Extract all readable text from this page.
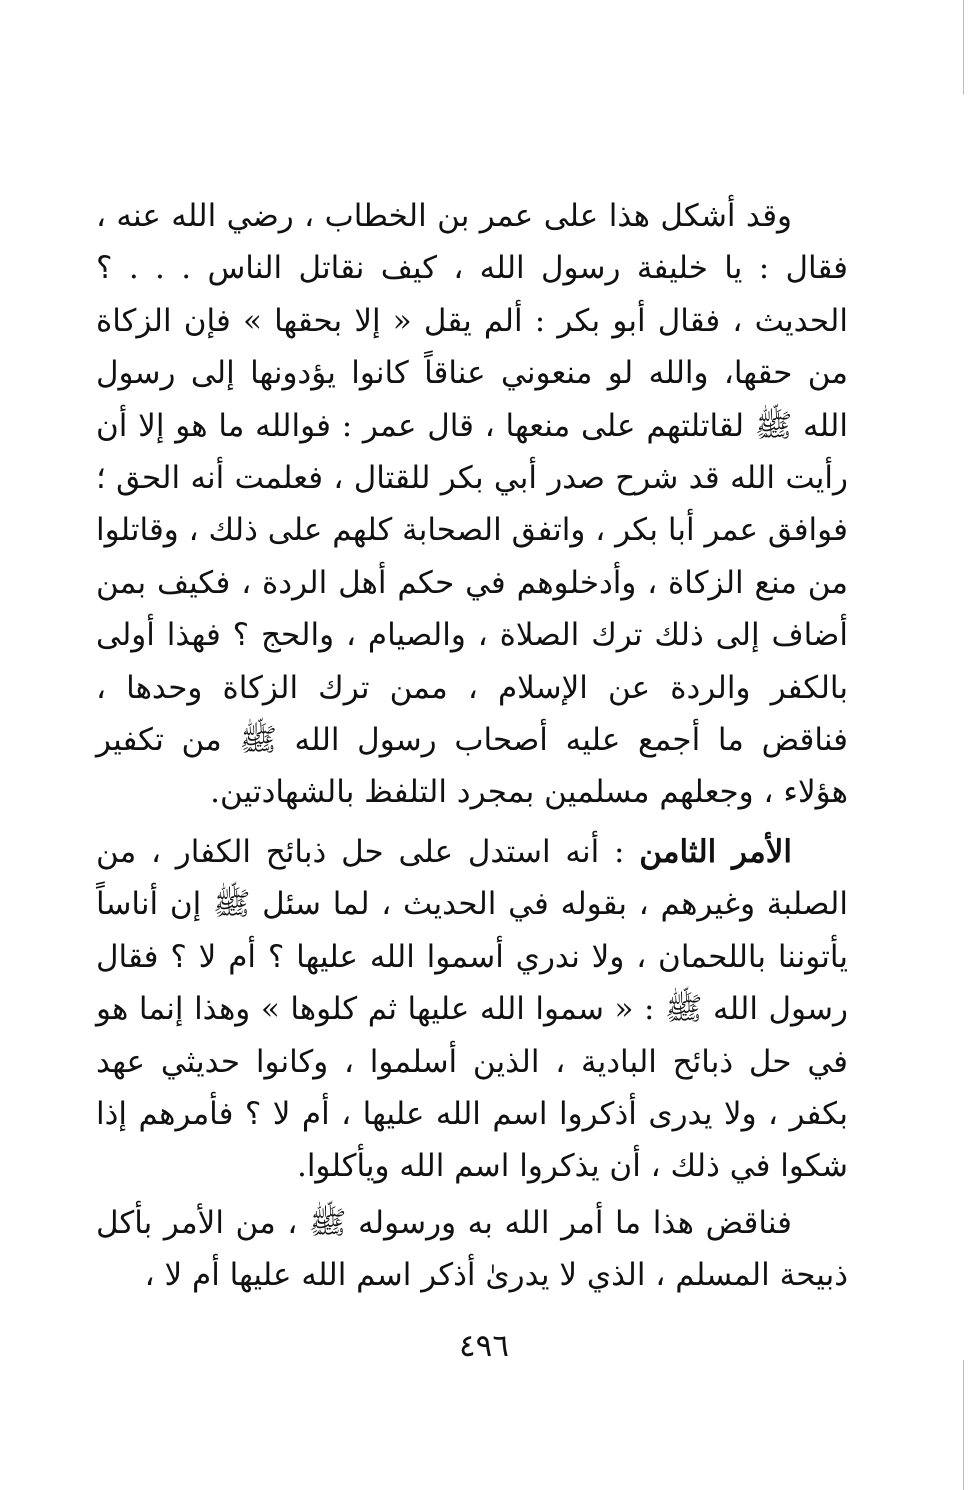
وقد أشكل هذا على عمر بن الخطاب ، رضي الله عنه ، فقال : يا خليفة رسول الله ، كيف نقاتل الناس . . . ؟ الحديث ، فقال أبو بكر : ألم يقل « إلا بحقها » فإن الزكاة من حقها، والله لو منعوني عناقاً كانوا يؤدونها إلى رسول الله ﷺ لقاتلتهم على منعها ، قال عمر : فوالله ما هو إلا أن رأيت الله قد شرح صدر أبي بكر للقتال ، فعلمت أنه الحق ؛ فوافق عمر أبا بكر ، واتفق الصحابة كلهم على ذلك ، وقاتلوا من منع الزكاة ، وأدخلوهم في حكم أهل الردة ، فكيف بمن أضاف إلى ذلك ترك الصلاة ، والصيام ، والحج ؟ فهذا أولى بالكفر والردة عن الإسلام ، ممن ترك الزكاة وحدها ، فناقض ما أجمع عليه أصحاب رسول الله ﷺ من تكفير هؤلاء ، وجعلهم مسلمين بمجرد التلفظ بالشهادتين.

الأمر الثامن : أنه استدل على حل ذبائح الكفار ، من الصلبة وغيرهم ، بقوله في الحديث ، لما سئل ﷺ إن أناساً يأتوننا باللحمان ، ولا ندري أسموا الله عليها ؟ أم لا ؟ فقال رسول الله ﷺ : « سموا الله عليها ثم كلوها » وهذا إنما هو في حل ذبائح البادية ، الذين أسلموا ، وكانوا حديثي عهد بكفر ، ولا يدرى أذكروا اسم الله عليها ، أم لا ؟ فأمرهم إذا شكوا في ذلك ، أن يذكروا اسم الله ويأكلوا.

فناقض هذا ما أمر الله به ورسوله ﷺ ، من الأمر بأكل ذبيحة المسلم ، الذي لا يدرىٰ أذكر اسم الله عليها أم لا ،

٤٩٦
